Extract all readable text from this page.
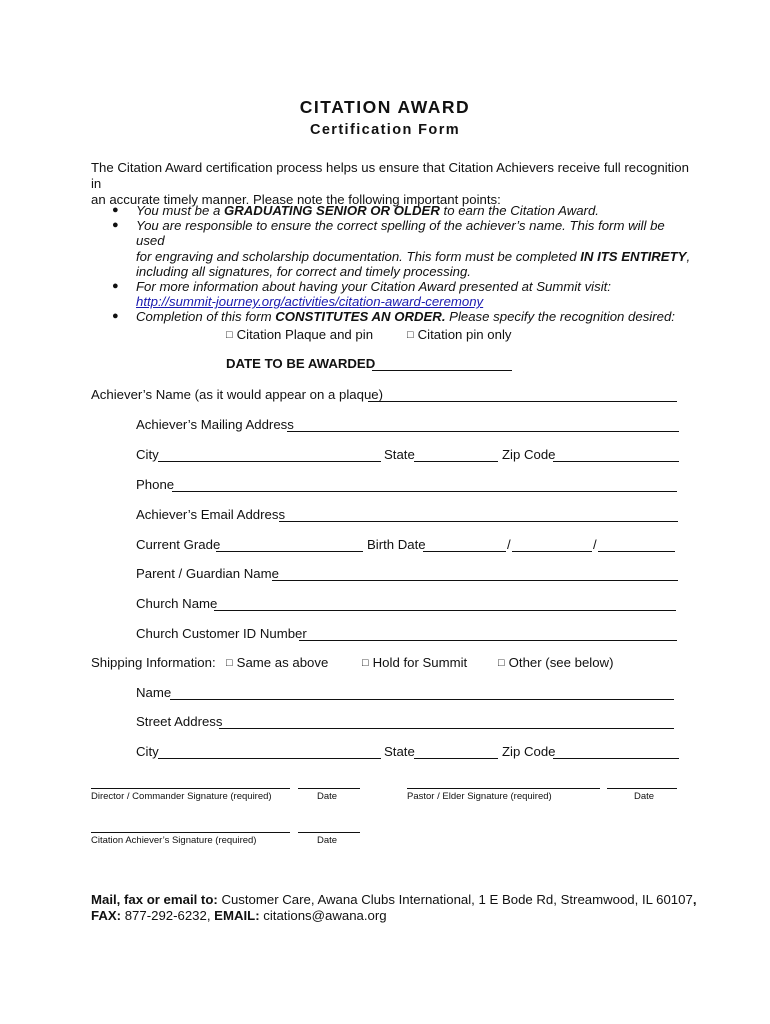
CITATION AWARD
Certification Form
The Citation Award certification process helps us ensure that Citation Achievers receive full recognition in
an accurate timely manner. Please note the following important points:
● You must be a GRADUATING SENIOR OR OLDER to earn the Citation Award.
● You are responsible to ensure the correct spelling of the achiever’s name. This form will be used
for engraving and scholarship documentation. This form must be completed IN ITS ENTIRETY,
including all signatures, for correct and timely processing.
● For more information about having your Citation Award presented at Summit visit:
http://summit-journey.org/activities/citation-award-ceremony
● Completion of this form CONSTITUTES AN ORDER. Please specify the recognition desired:
□ Citation Plaque and pin	□ Citation pin only
DATE TO BE AWARDED
Achiever’s Name (as it would appear on a plaque)
Achiever’s Mailing Address
City	State	Zip Code
Phone
Achiever’s Email Address
Current Grade	Birth Date	/	/
Parent / Guardian Name
Church Name
Church Customer ID Number
Shipping Information: □ Same as above	□ Hold for Summit	□ Other (see below)
Name
Street Address
City	State	Zip Code
Director / Commander Signature (required)	Date	Pastor / Elder Signature (required)	Date
Citation Achiever’s Signature (required)	Date
Mail, fax or email to: Customer Care, Awana Clubs International, 1 E Bode Rd, Streamwood, IL 60107,
FAX: 877-292-6232, EMAIL: citations@awana.org
